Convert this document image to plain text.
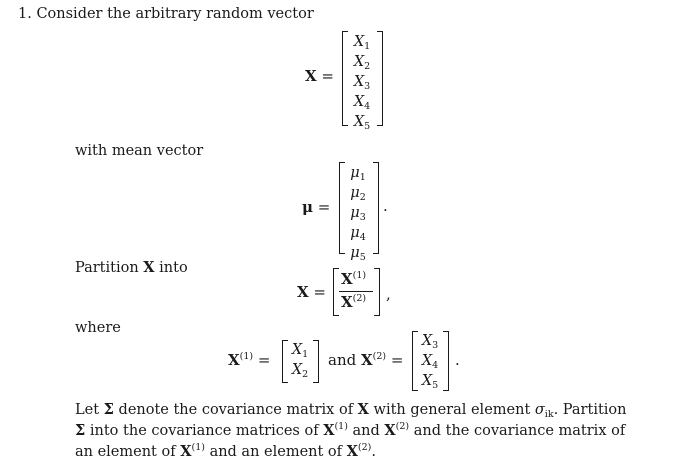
1. Consider the arbitrary random vector
X =
$X_1$
$X_2$
$X_3$
$X_4$
$X_5$
with mean vector
μ =
$\mu_1$
$\mu_2$
$\mu_3$
$\mu_4$
$\mu_5$
.
Partition X into
X =
$X^{(1)}$
$X^{(2)}$ ,
where
$X^{(1)}$ =
$X_1$
$X_2$
and $X^{(2)}$ =
$X_3$
$X_4$
$X_5$
.
Let Σ denote the covariance matrix of X with general element $\sigma_{ik}$. Partition Σ into the covariance matrices of $X^{(1)}$ and $X^{(2)}$ and the covariance matrix of an element of $X^{(1)}$ and an element of $X^{(2)}$.
